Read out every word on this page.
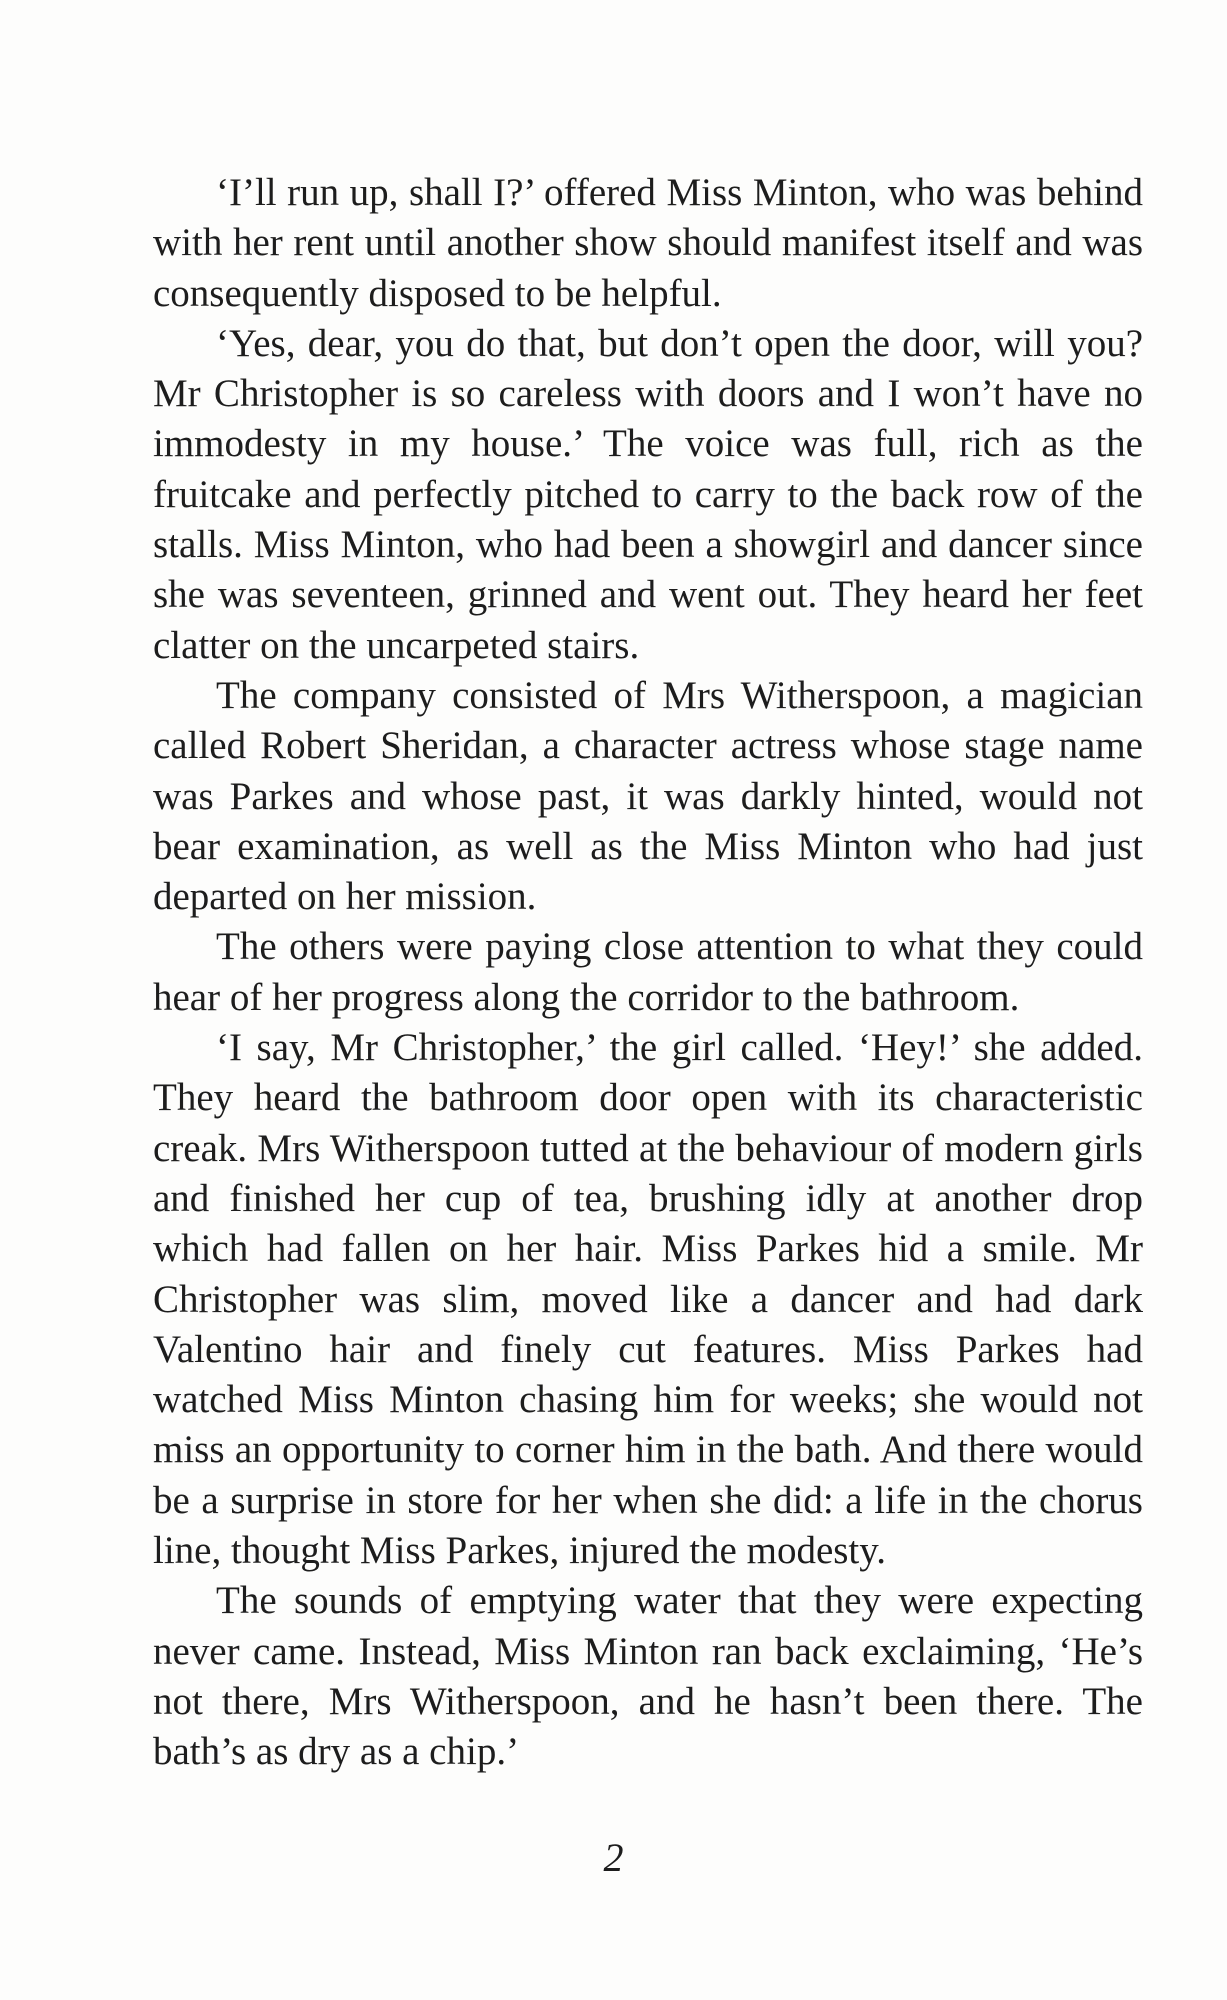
‘I’ll run up, shall I?’ offered Miss Minton, who was behind with her rent until another show should manifest itself and was consequently disposed to be helpful.

‘Yes, dear, you do that, but don’t open the door, will you? Mr Christopher is so careless with doors and I won’t have no immodesty in my house.’ The voice was full, rich as the fruitcake and perfectly pitched to carry to the back row of the stalls. Miss Minton, who had been a showgirl and dancer since she was seventeen, grinned and went out. They heard her feet clatter on the uncarpeted stairs.

The company consisted of Mrs Witherspoon, a magician called Robert Sheridan, a character actress whose stage name was Parkes and whose past, it was darkly hinted, would not bear examination, as well as the Miss Minton who had just departed on her mission.

The others were paying close attention to what they could hear of her progress along the corridor to the bathroom.

‘I say, Mr Christopher,’ the girl called. ‘Hey!’ she added. They heard the bathroom door open with its characteristic creak. Mrs Witherspoon tutted at the behaviour of modern girls and finished her cup of tea, brushing idly at another drop which had fallen on her hair. Miss Parkes hid a smile. Mr Christopher was slim, moved like a dancer and had dark Valentino hair and finely cut features. Miss Parkes had watched Miss Minton chasing him for weeks; she would not miss an opportunity to corner him in the bath. And there would be a surprise in store for her when she did: a life in the chorus line, thought Miss Parkes, injured the modesty.

The sounds of emptying water that they were expecting never came. Instead, Miss Minton ran back exclaiming, ‘He’s not there, Mrs Witherspoon, and he hasn’t been there. The bath’s as dry as a chip.’

2
